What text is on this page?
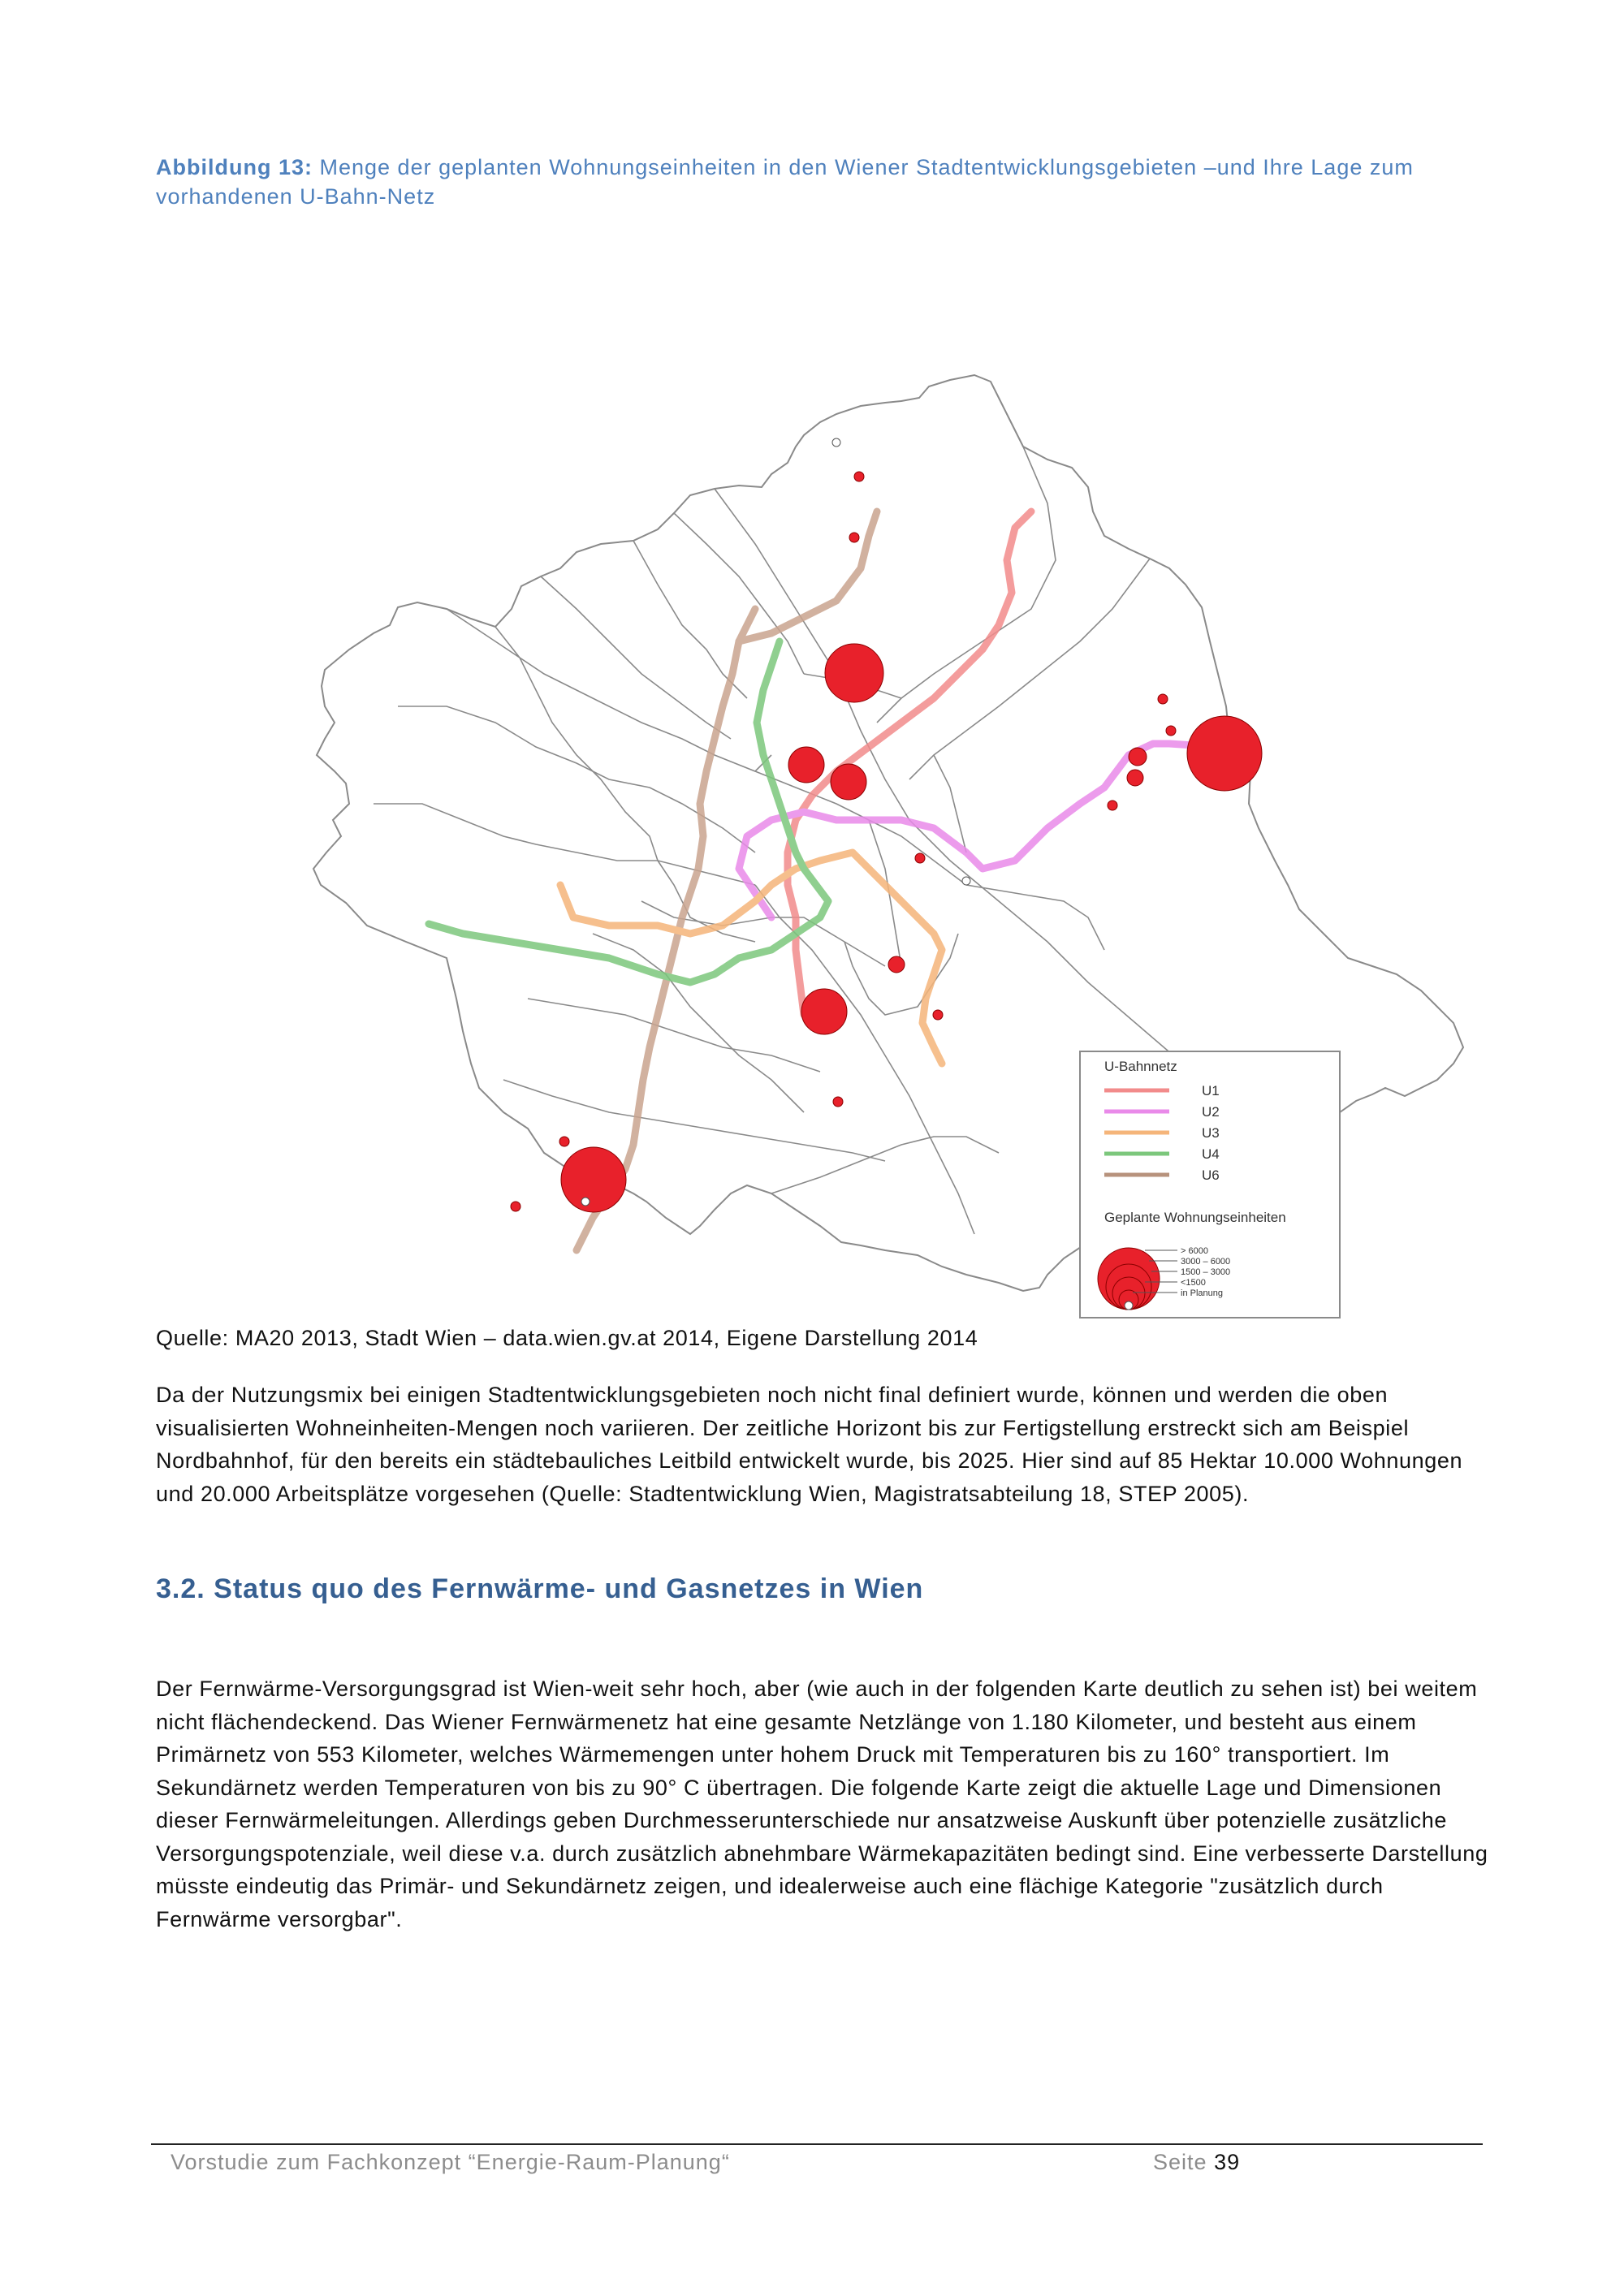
Abbildung 13: Menge der geplanten Wohnungseinheiten in den Wiener Stadtentwicklungsgebieten –und Ihre Lage zum vorhandenen U-Bahn-Netz
U-Bahnnetz
U1
U2
U3
U4
U6
Geplante Wohnungseinheiten
> 6000
3000 – 6000
1500 – 3000
<1500
in Planung
Quelle: MA20 2013, Stadt Wien – data.wien.gv.at 2014, Eigene Darstellung 2014
Da der Nutzungsmix bei einigen Stadtentwicklungsgebieten noch nicht final definiert wurde, können und werden die oben visualisierten Wohneinheiten-Mengen noch variieren. Der zeitliche Horizont bis zur Fertigstellung erstreckt sich am Beispiel Nordbahnhof, für den bereits ein städtebauliches Leitbild entwickelt wurde, bis 2025. Hier sind auf 85 Hektar 10.000 Wohnungen und 20.000 Arbeitsplätze vorgesehen (Quelle: Stadtentwicklung Wien, Magistratsabteilung 18, STEP 2005).
3.2. Status quo des Fernwärme- und Gasnetzes in Wien
Der Fernwärme-Versorgungsgrad ist Wien-weit sehr hoch, aber (wie auch in der folgenden Karte deutlich zu sehen ist) bei weitem nicht flächendeckend. Das Wiener Fernwärmenetz hat eine gesamte Netzlänge von 1.180 Kilometer, und besteht aus einem Primärnetz von 553 Kilometer, welches Wärmemengen unter hohem Druck mit Temperaturen bis zu 160° transportiert. Im Sekundärnetz werden Temperaturen von bis zu 90° C übertragen. Die folgende Karte zeigt die aktuelle Lage und Dimensionen dieser Fernwärmeleitungen. Allerdings geben Durchmesserunterschiede nur ansatzweise Auskunft über potenzielle zusätzliche Versorgungspotenziale, weil diese v.a. durch zusätzlich abnehmbare Wärmekapazitäten bedingt sind. Eine verbesserte Darstellung müsste eindeutig das Primär- und Sekundärnetz zeigen, und idealerweise auch eine flächige Kategorie "zusätzlich durch Fernwärme versorgbar".
Vorstudie zum Fachkonzept “Energie-Raum-Planung“	Seite 39
